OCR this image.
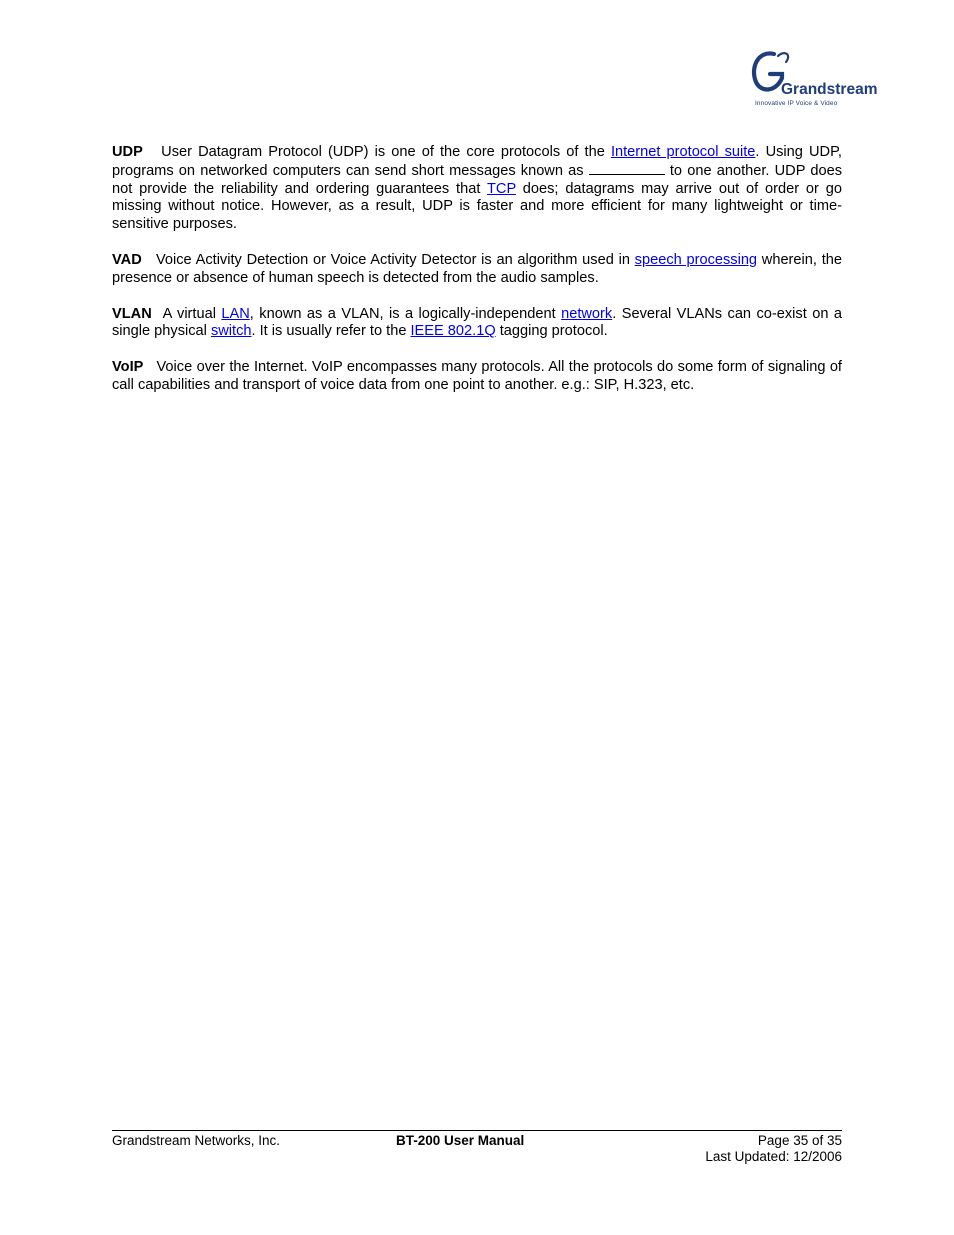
Grandstream
Innovative IP Voice & Video

UDP User Datagram Protocol (UDP) is one of the core protocols of the Internet protocol suite. Using UDP, programs on networked computers can send short messages known as	to one another. UDP does not provide the reliability and ordering guarantees that TCP does; datagrams may arrive out of order or go missing without notice. However, as a result, UDP is faster and more efficient for many lightweight or time-sensitive purposes.

VAD Voice Activity Detection or Voice Activity Detector is an algorithm used in speech processing wherein, the presence or absence of human speech is detected from the audio samples.

VLAN A virtual LAN, known as a VLAN, is a logically-independent network. Several VLANs can co-exist on a single physical switch. It is usually refer to the IEEE 802.1Q tagging protocol.

VoIP Voice over the Internet. VoIP encompasses many protocols. All the protocols do some form of signaling of call capabilities and transport of voice data from one point to another. e.g.: SIP, H.323, etc.

Grandstream Networks, Inc.	BT-200 User Manual	Page 35 of 35
Last Updated: 12/2006
